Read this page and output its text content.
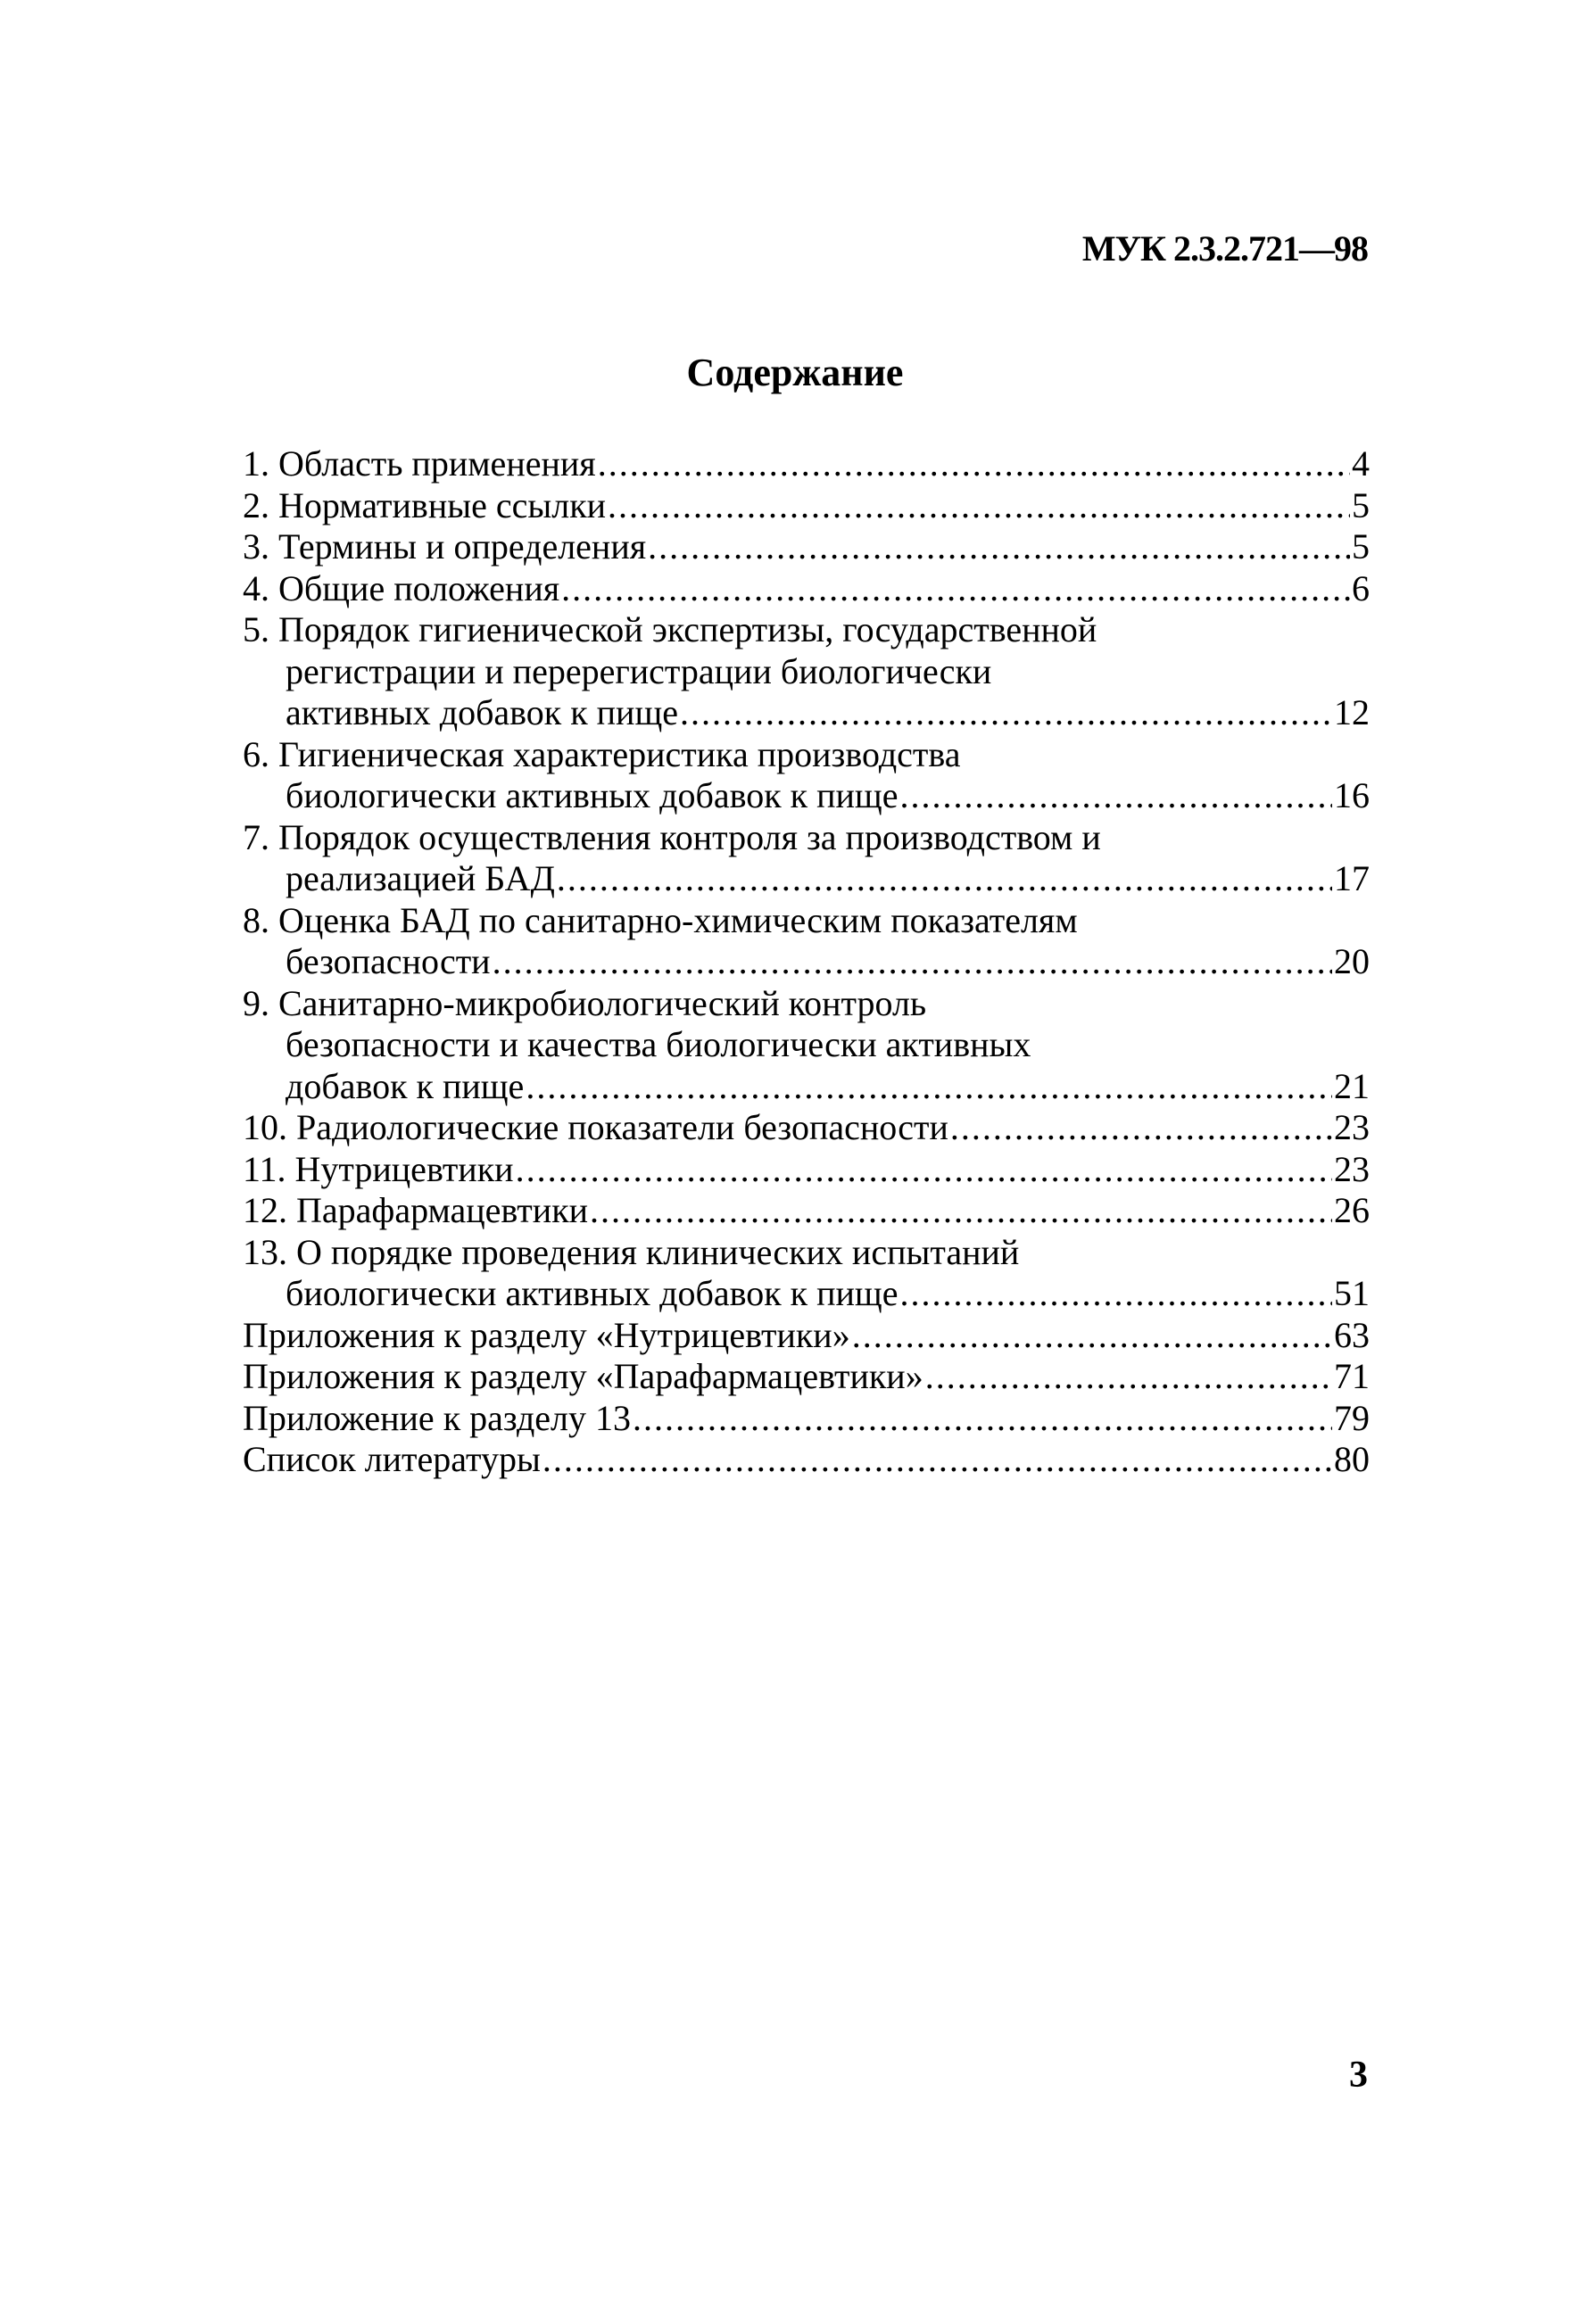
МУК 2.3.2.721—98
Содержание
1. Область применения .....	4
2. Нормативные ссылки .....	5
3. Термины и определения .....	5
4. Общие положения .....	6
5. Порядок гигиенической экспертизы, государственной
регистрации и перерегистрации биологически
активных добавок к пище .....	12
6. Гигиеническая характеристика производства
биологически активных добавок к пище .....	16
7. Порядок осуществления контроля за производством и
реализацией БАД .....	17
8. Оценка БАД по санитарно-химическим показателям
безопасности .....	20
9. Санитарно-микробиологический контроль
безопасности и качества биологически активных
добавок к пище .....	21
10. Радиологические показатели безопасности .....	23
11. Нутрицевтики .....	23
12. Парафармацевтики .....	26
13. О порядке проведения клинических испытаний
биологически активных добавок к пище .....	51
Приложения к разделу «Нутрицевтики» .....	63
Приложения к разделу «Парафармацевтики» .....	71
Приложение к разделу 13 .....	79
Список литературы .....	80
3
